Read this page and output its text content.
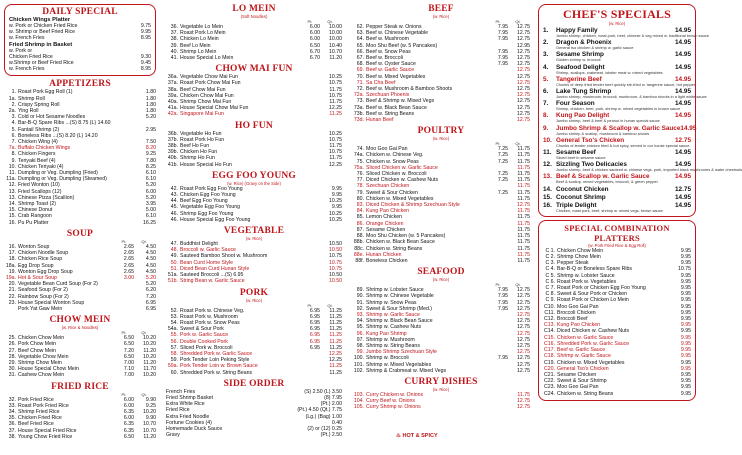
DAILY SPECIAL
Chicken Wings Platter
w. Pork or Chicken Fried Rice	9.75
w. Shrimp or Beef Fried Rice	9.95
w. French Fries	8.95
Fried Shrimp in Basket
w. Pork or
Chicken Fried Rice	9.30
w.Shrimp or Beef Fried Rice	9.45
w. French Fries	8.95
APPETIZERS
1. Roast Pork Egg Roll (1)	1.80
1a. Shrimp Roll	1.80
2. Crispy Spring Roll	1.80
2a. Ying Roll	1.80
3. Cold or Hot Sesame Noodles	5.20
4. Bar-B-Q Spare Ribs ...(S) 8.75 (L) 14.60
5. Fantail Shrimp (2)	2.95
6. Boneless Ribs ...(S) 8.20 (L) 14.20
7. Chicken Wing (4)	7.50
7a. Buffalo Chicken Wings	8.20
8. Chicken Fingers	9.25
9. Teriyaki Beef (4)	7.80
10. Chicken Teriyaki (4)	8.25
11. Dumpling or Veg. Dumpling (Fried)	6.10
11a. Dumpling or Veg. Dumpling (Steamed)	6.10
12. Fried Wonton (10)	5.20
13. Fried Scallops (12)	6.00
13. Chinese Pizza (Scallion)	5.20
14. Shrimp Toast (2)	3.95
15. Chinese Donut	5.00
15. Crab Rangoon	6.10
16. Pu Pu Platter	16.25
SOUP
Pt.	Qt.
16. Wonton Soup	2.65	4.50
17. Chicken Noodle Soup	2.65	4.50
18. Chicken Rice Soup	2.65	4.50
18a. Egg Drop Soup	2.65	4.50
19. Wonton Egg Drop Soup	2.65	4.50
19a. Hot & Sour Soup	3.00	5.20
20. Vegetable Bean Curd Soup (For 2)	5.20
21. Seafood Soup (For 2)	6.20
22. Rainbow Soup (For 2)	7.20
23. House Special Wonton Soup	6.95
Pork Yat Gaw Mein	6.95
CHOW MEIN
(w. Rice & Noodles)
Pt.	Qt.
25. Chicken Chow Mein	6.50	10.20
26. Pork Chow Mein	6.50	10.20
27. Beef Chow Mein	7.20	11.20
28. Vegetable Chow Mein	6.50	10.20
29. Shrimp Chow Mein	7.00	11.20
30. House Special Chow Mein	7.10	11.70
31. Cashew Chow Mein	7.00	10.20
FRIED RICE
Pt.	Qt.
32. Pork Fried Rice	6.00	9.90
33. Roast Pork Fried Rice	6.00	9.25
34. Shrimp Fried Rice	6.35	10.20
35. Chicken Fried Rice	6.00	9.90
36. Beef Fried Rice	6.35	10.70
37. House Special Fried Rice	6.35	10.70
38. Young Chow Fried Rice	6.50	11.20
LO MEIN
(Soft Noodles)
Pt.	Qt.
36. Vegetable Lo Mein	6.00	10.00
37. Roast Pork Lo Mein	6.00	10.00
38. Chicken Lo Mein	6.00	10.00
39. Beef Lo Mein	6.50	10.40
40. Shrimp Lo Mein	6.70	10.70
41. House Special Lo Mein	6.70	11.20
CHOW MAI FUN
36a. Vegetable Chow Mai Fun	10.25
37a. Roast Pork Chow Mai Fun	10.75
38a. Beef Chow Mai Fun	11.75
39a. Chicken Chow Mai Fun	10.75
40a. Shrimp Chow Mai Fun	11.75
41a. House Special Chow Mai Fun	12.25
42a. Singapore Mai Fun	11.25
HO FUN
36b. Vegetable Ho Fun	10.25
37b. Roast Pork Ho Fun	10.75
38b. Beef Ho Fun	11.75
39b. Chicken Ho Fun	10.75
40b. Shrimp Ho Fun	11.75
41b. House Special Ho Fun	12.25
EGG FOO YOUNG
(w. Rice) (Gravy on the Side)
42. Roast Pork Egg Foo Young	9.95
43. Chicken Egg Foo Young	9.95
44. Beef Egg Foo Young	10.25
45. Vegetable Egg Foo Young	9.95
46. Shrimp Egg Foo Young	10.25
46. House Special Egg Foo Young	10.25
VEGETABLE
(w. Rice)
47. Buddhist Delight	10.50
48. Broccoli w. Garlic Sauce	10.50
49. Sauteed Bamboo Shoot w. Mushroom	10.75
50. Bean Curd Home Style	10.75
51. Diced Bean Curd Hunan Style	10.75
51a. Sauteed Broccoli ...(S) 6.95	10.50
51b. String Bean w. Garlic Sauce	10.50
PORK
(w. Rice)
Pt.	Qt.
52. Roast Pork w. Chinese Veg.	6.95	11.25
53. Roast Pork w. Mushroom	6.95	11.25
54. Roast Pork w. Snow Peas	6.95	11.25
54a. Sweet & Sour Pork	6.95	11.25
55. Pork w. Garlic Sauce	6.95	11.25
56. Double Cooked Pork	6.95	11.25
57. Sliced Pork w. Broccoli	6.95	11.25
58. Shredded Pork w. Garlic Sauce	12.25
59. Pork Tender Loin Peking Style	12.25
59a. Pork Tender Loin w. Brown Sauce	11.25
60. Shredded Pork w. String Beans	11.25
SIDE ORDER
French Fries	(S) 2.50 (L) 3.50
Fried Shrimp Basket	(8) 7.95
Extra White Rice	(Pt.) 2.00
Fried Rice	(Pt.) 4.50 (Qt.) 7.75
Extra Fried Noodle	(Lg.) (Bag) 1.00
Fortune Cookies (4)	0.40
Homemade Duck Sauce	(2) or (12) 0.25
Gravy	(Pt.) 2.50
BEEF
(w. Rice)
Pt.	Qt.
62. Pepper Steak w. Onions	7.95	12.75
63. Beef w. Chinese Vegetable	7.95	12.75
64. Beef w. Mushroom	7.95	12.75
65. Moo Shu Beef (w. 5 Pancakes)	12.95
66. Beef w. Snow Peas	7.95	12.75
67. Beef w. Broccoli	7.95	12.75
68. Beef w. Oyster Sauce	7.95	12.75
69. Beef w. Garlic Sauce	12.75
70. Beef w. Mixed Vegetables	12.75
71. Sa Cha Beef	12.75
72. Beef w. Mushroom & Bamboo Shoots	12.75
72a. Szechuan Phoenix	12.75
73. Beef & Shrimp w. Mixed Vegs	12.75
73a. Beef w. Black Bean Sauce	12.75
73b. Beef w. String Beans	12.75
73d. Hunan Beef	12.75
POULTRY
(w. Rice)
Pt.	Qt.
74. Moo Goo Gai Pan	7.25	11.75
74a. Chicken w. Chinese Veg.	7.25	11.75
75. Chicken w. Snow Peas	7.25	11.75
75a. Sliced Chicken w. Garlic Sauce	11.75
76. Sliced Chicken w. Broccoli	7.25	11.75
77. Diced Chicken w. Cashew Nuts	7.25	11.75
78. Szechuan Chicken	11.75
79. Sweet & Sour Chicken	7.25	11.75
80. Chicken w. Mixed Vegetables	11.75
83. Diced Chicken & Shrimp Szechuan Style	12.75
84. Kung Pao Chicken	11.75
85. Lemon Chicken	11.75
86. Orange Chicken	11.75
87. Sesame Chicken	11.75
88. Moo Shu Chicken (w. 5 Pancakes)	11.75
88b. Chicken w. Black Bean Sauce	11.75
88c. Chicken w. String Beans	11.75
88e. Hunan Chicken	11.75
88f. Boneless Chicken	11.75
SEAFOOD
(w. Rice)
Pt.	Qt.
89. Shrimp w. Lobster Sauce	7.95	12.75
90. Shrimp w. Chinese Vegetable	7.95	12.75
91. Shrimp w. Snow Peas	7.95	12.75
92. Sweet & Sour Shrimp (Med.)	7.95	12.75
93. Shrimp w. Garlic Sauce	12.75
94. Shrimp w. Black Bean Sauce	12.75
95. Shrimp w. Cashew Nuts	12.75
96. Kung Pao Shrimp	12.75
97. Shrimp w. Mushroom	12.75
98. Shrimp w. String Beans	12.75
99. Jumbo Shrimp Szechuan Style	12.75
100. Shrimp w. Broccoli	7.95	12.75
101. Shrimp w. Mixed Vegetables	12.75
102. Shrimp & Crabmeat w. Mixed Vegs	12.75
CURRY DISHES
(w. Rice)
103. Curry Chicken w. Onions	11.75
104. Curry Beef w. Onions	12.75
105. Curry Shrimp w. Onions	12.75
♨ HOT & SPICY
CHEF'S SPECIALS
(w. Rice)
1.	Happy Family	14.95
Jumbo shrimp, chicken, roast pork, beef, chinese & veg mixed w. traditional brown sauce
2.	Dragon & Phoenix	14.95
General tso chicken & shrimp w. garlic sauce
3.	Sesame Shrimp	14.95
Golden shrimp w. broccoli
4.	Seafood Delight	14.95
Shrimp, scallops, crabmeat, lobster meat w. mixed vegetables
5.	Tangerine Beef	14.95
Chunks of deep fried tender beef quickly stir-fried w. tangerine sauce, hot pepper
6.	Lake Tung Shrimp	14.95
Jumbo shrimp, mushroom, broccoli, mushroom, & bamboo shoots in a light white sauce
7.	Four Season	14.95
Shrimp, chicken, beef, pork, shrimp w. mixed vegetables in brown sauce
8.	Kung Pao Delight	14.95
Jumbo shrimp, beef & beef & peanut in hunan special sauce
9.	Jumbo Shrimp & Scallop w. Garlic Sauce 14.95
Jumbo shrimp & scallop, mushroom & bamboo shoots
10. General Tso's Chicken	12.75
Chunks of tender chicken fried & hot spicy, served in our house special sauce
11. Sesame Beef	14.95
Sliced beef in sesame sauce
12. Sizzling Two Delicacies	14.95
Jumbo shrimp, beef & chicken sauteed w. chinese vegs. pork, imported black mushrooms & water chestnuts
13. Beef & Scallop w. Garlic Sauce	14.95
Beef & scallop, mixed vegetables, broccoli, & green pepper
14. Coconut Chicken	12.75
15. Coconut Shrimp	14.95
16. Triple Delight	14.95
Chicken, roast pork, beef, shrimp w. mixed vegs. brown sauce
SPECIAL COMBINATION PLATTERS
(w. Pork Fried Rice & Egg Roll)
C 1. Chicken Chow Mein	9.95
C 2. Shrimp Chow Mein	9.95
C 3. Pepper Steak	9.95
C 4. Bar-B-Q or Boneless Spare Ribs	10.75
C 5. Shrimp w. Lobster Sauce	9.95
C 6. Roast Pork w. Vegetables	9.95
C 7. Roast Pork or Chicken Egg Foo Young	9.95
C 8. Sweet & Sour Pork or Chicken	9.95
C 9. Roast Pork or Chicken Lo Mein	9.95
C10. Moo Goo Gai Pan	9.95
C11. Broccoli Chicken	9.95
C12. Broccoli Beef	9.95
C13. Kung Pao Chicken	9.95
C14. Diced Chicken w. Cashew Nuts	9.95
C15. Chicken w. Garlic Sauce	9.95
C16. Shredded Pork w. Garlic Sauce	9.95
C17. Beef w. Garlic Sauce	9.95
C18. Shrimp w. Garlic Sauce	9.95
C19. Chicken w. Mixed Vegetables	9.95
C20. General Tso's Chicken	9.95
C21. Sesame Chicken	9.95
C22. Sweet & Sour Shrimp	9.95
C23. Moo Goo Gai Pan	9.95
C24. Chicken w. String Beans	9.95
